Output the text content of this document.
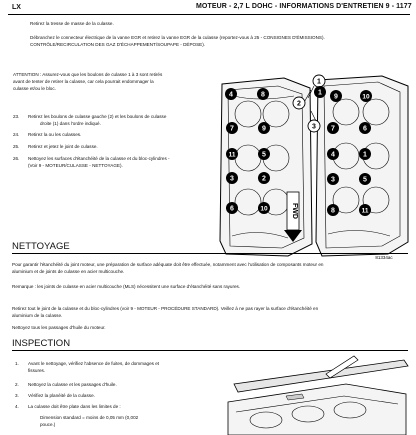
LX	MOTEUR - 2,7 L DOHC - INFORMATIONS D'ENTRETIEN 9 - 1177
Retirez la tresse de masse de la culasse.
Débranchez le connecteur électrique de la vanne EGR et retirez la vanne EGR de la culasse (reportez-vous à 25 - CONSIGNES D'ÉMISSIONS).
CONTRÔLE/RECIRCULATION DES GAZ D'ÉCHAPPEMENT/SOUPAPE - DÉPOSE).
ATTENTION : Assurez-vous que les boulons de culasse 1 à 3 sont retirés
avant de tenter de retirer la culasse, car cela pourrait endommager la
culasse et/ou le bloc.
23. Retirez les boulons de culasse gauche (2) et les boulons de culasse
droite (1) dans l'ordre indiqué.
24. Retirez la ou les culasses.
25. Retirez et jetez le joint de culasse.
26. Nettoyez les surfaces d'étanchéité de la culasse et du bloc-cylindres -
(Voir 9 - MOTEUR/CULASSE - NETTOYAGE).
FWD
1
2
3
4	8
7	9
11	5
3	2
6	10
1
9	10
7	6
4	1
3	5
8	11
81334ac
NETTOYAGE
Pour garantir l'étanchéité du joint moteur, une préparation de surface adéquate doit être effectuée, notamment avec l'utilisation de composants moteur en
aluminium et de joints de culasse en acier multicouche.
Remarque : les joints de culasse en acier multicouche (MLS) nécessitent une surface d'étanchéité sans rayures.
Retirez tout le joint de la culasse et du bloc-cylindres (voir 9 - MOTEUR - PROCÉDURE STANDARD). Veillez à ne pas rayer la surface d'étanchéité en
aluminium de la culasse.
Nettoyez tous les passages d'huile du moteur.
INSPECTION
1. Avant le nettoyage, vérifiez l'absence de fuites, de dommages et
fissures.
2. Nettoyez la culasse et les passages d'huile.
3. Vérifiez la planéité de la culasse.
4. La culasse doit être plate dans les limites de :
Dimension standard = moins de 0,05 mm (0,002
pouce.)
